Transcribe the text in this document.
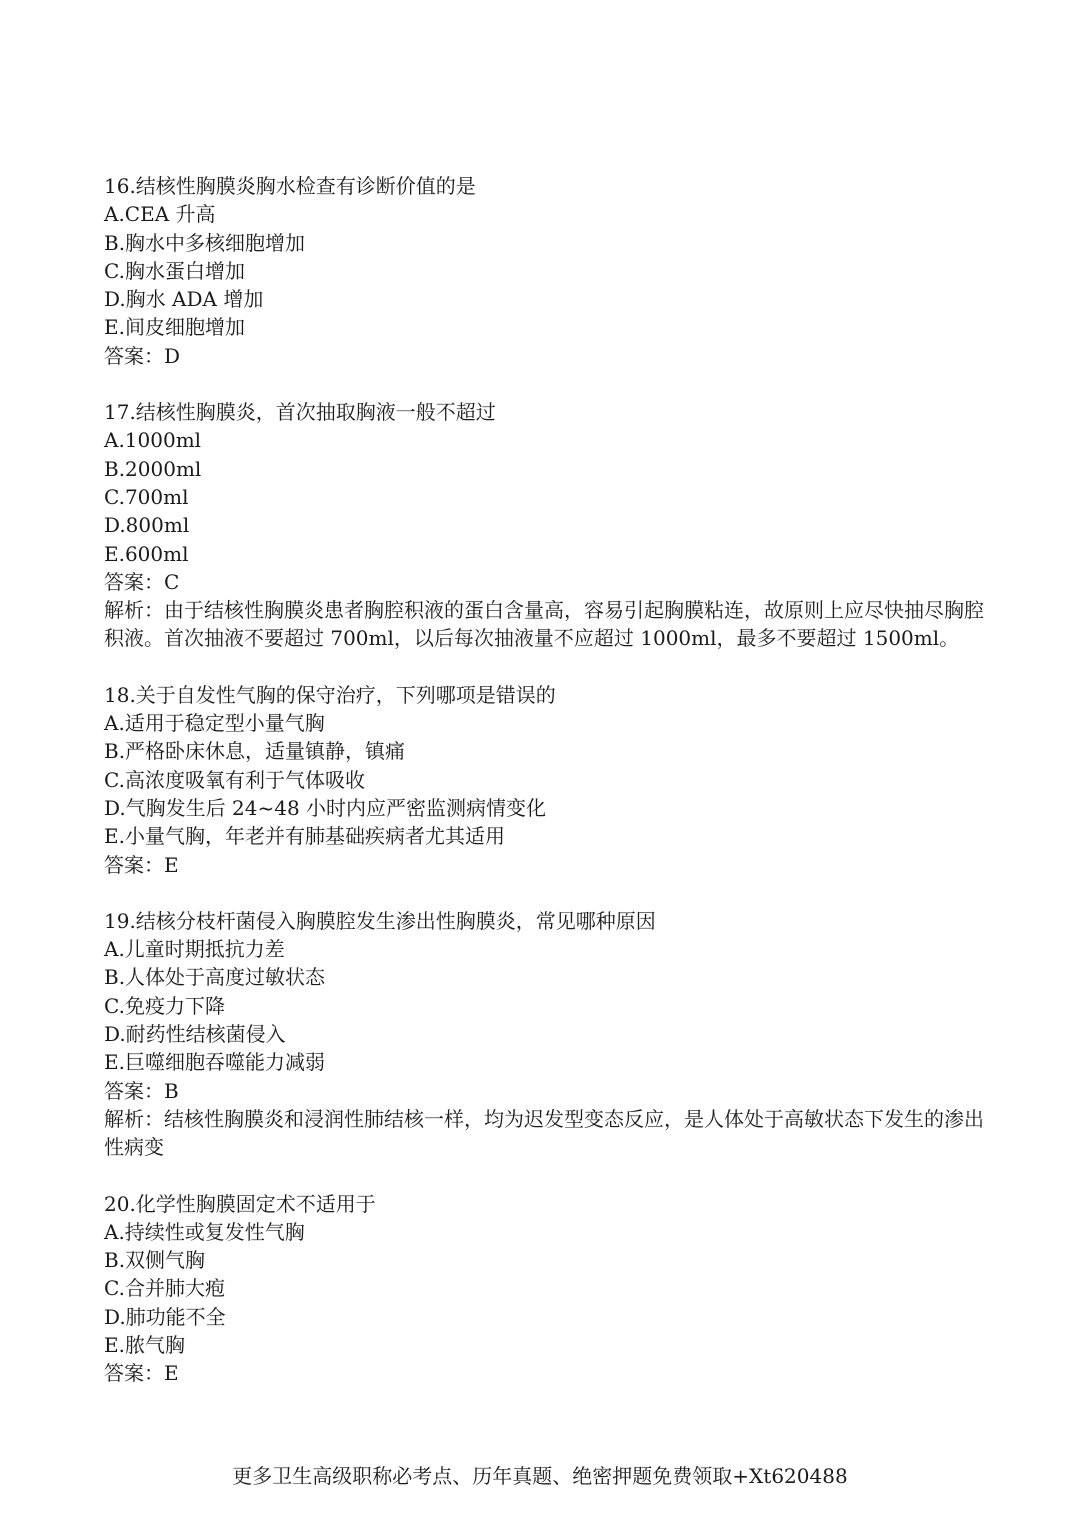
16.结核性胸膜炎胸水检查有诊断价值的是
A.CEA 升高
B.胸水中多核细胞增加
C.胸水蛋白增加
D.胸水 ADA 增加
E.间皮细胞增加
答案：D
17.结核性胸膜炎，首次抽取胸液一般不超过
A.1000ml
B.2000ml
C.700ml
D.800ml
E.600ml
答案：C
解析：由于结核性胸膜炎患者胸腔积液的蛋白含量高，容易引起胸膜粘连，故原则上应尽快抽尽胸腔积液。首次抽液不要超过 700ml，以后每次抽液量不应超过 1000ml，最多不要超过 1500ml。
18.关于自发性气胸的保守治疗，下列哪项是错误的
A.适用于稳定型小量气胸
B.严格卧床休息，适量镇静，镇痛
C.高浓度吸氧有利于气体吸收
D.气胸发生后 24~48 小时内应严密监测病情变化
E.小量气胸，年老并有肺基础疾病者尤其适用
答案：E
19.结核分枝杆菌侵入胸膜腔发生渗出性胸膜炎，常见哪种原因
A.儿童时期抵抗力差
B.人体处于高度过敏状态
C.免疫力下降
D.耐药性结核菌侵入
E.巨噬细胞吞噬能力减弱
答案：B
解析：结核性胸膜炎和浸润性肺结核一样，均为迟发型变态反应，是人体处于高敏状态下发生的渗出性病变
20.化学性胸膜固定术不适用于
A.持续性或复发性气胸
B.双侧气胸
C.合并肺大疱
D.肺功能不全
E.脓气胸
答案：E
更多卫生高级职称必考点、历年真题、绝密押题免费领取+Xt620488
